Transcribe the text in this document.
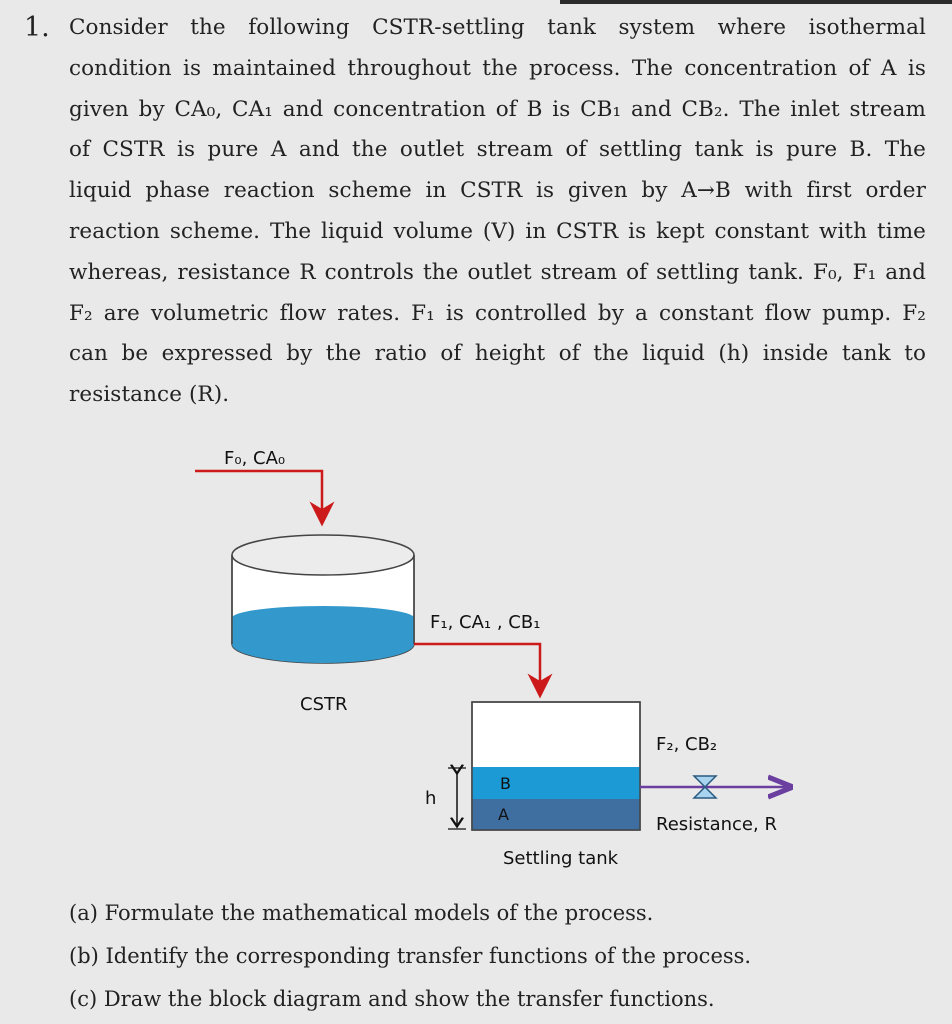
1. Consider the following CSTR-settling tank system where isothermal
condition is maintained throughout the process. The concentration of A is
given by CA₀, CA₁ and concentration of B is CB₁ and CB₂. The inlet stream
of CSTR is pure A and the outlet stream of settling tank is pure B. The
liquid phase reaction scheme in CSTR is given by A→B with first order
reaction scheme. The liquid volume (V) in CSTR is kept constant with time
whereas, resistance R controls the outlet stream of settling tank. F₀, F₁ and
F₂ are volumetric flow rates. F₁ is controlled by a constant flow pump. F₂
can be expressed by the ratio of height of the liquid (h) inside tank to
resistance (R).
F₀, CA₀
CSTR
F₁, CA₁ , CB₁
B
A
h
F₂, CB₂
Resistance, R
Settling tank
(a) Formulate the mathematical models of the process.
(b) Identify the corresponding transfer functions of the process.
(c) Draw the block diagram and show the transfer functions.
